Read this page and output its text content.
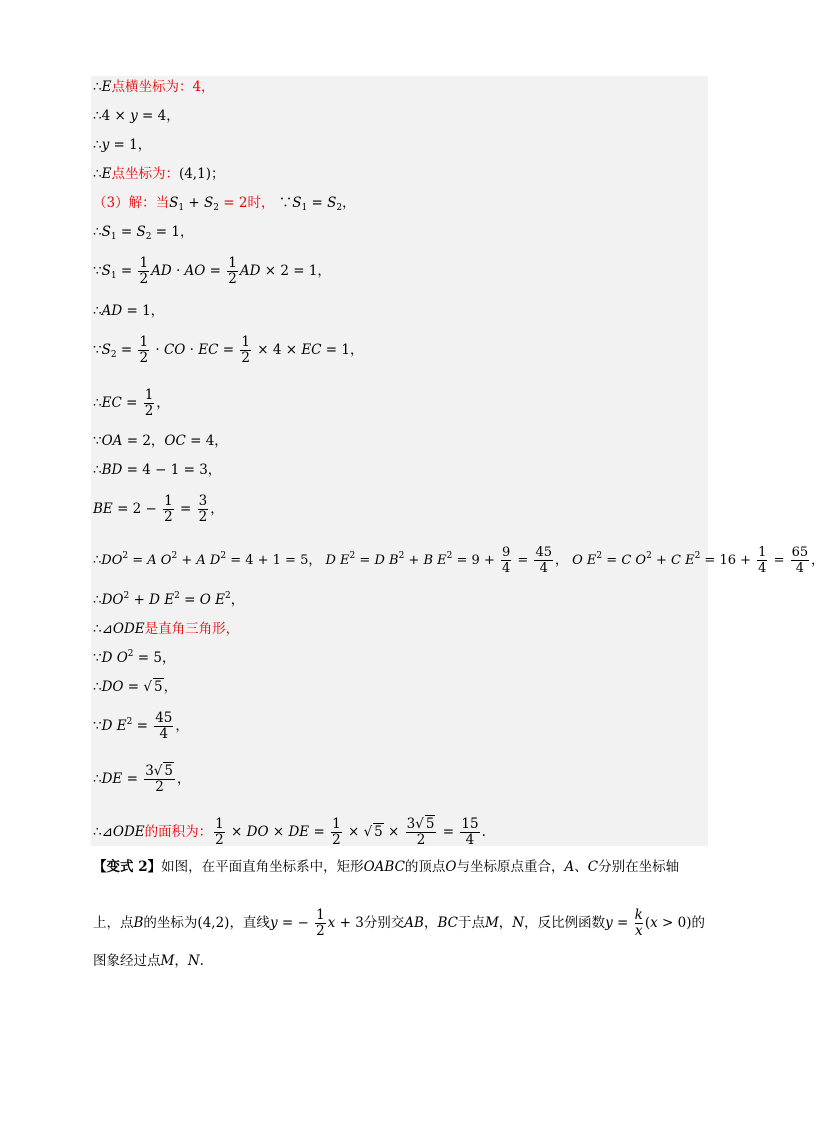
∴E点横坐标为：4，
∴4 × y = 4，
∴y = 1，
∴E点坐标为：(4,1)；
（3）解：当$S_1 + S_2 = 2$时， $\because S_1 = S_2$，
$\therefore S_1 = S_2 = 1$，
$\because S_1 = \frac{1}{2}$ AD · AO = $\frac{1}{2}$ AD × 2 = 1，
∴AD = 1，
$\because S_2 = \frac{1}{2}$ · CO · EC = $\frac{1}{2} \times 4$ × EC = 1，
∴EC = $\frac{1}{2}$ ，
∵OA = 2，OC = 4，
∴BD = 4 − 1 = 3，
BE = $2 - \frac{1}{2} = \frac{3}{2}$ ，
$\therefore DO^2 = A$ $O^2 + A$ $D^2 = 4 + 1 = 5$， D $E^2 = D$ $B^2 + B$ $E^2 = 9 + \frac{9}{4} = \frac{45}{4}$ ， O $E^2 = C$ $O^2 + C$ $E^2 = 16 + \frac{1}{4} = \frac{65}{4}$ ，
$\therefore DO^2 + D$ $E^2 = O$ $E^2$，
∴⊿ODE是直角三角形，
∵D $O^2 = 5$，
∴DO = √ 5，
∵D $E^2 = \frac{45}{4}$ ，
∴DE = $\frac{3√ 5}{2}$ ，
∴⊿ODE的面积为： $\frac{1}{2}$ × DO × DE = $\frac{1}{2}$ × √ $5 \times \frac{3√ 5}{2} = \frac{15}{4}$ .
【变式 2】如图，在平面直角坐标系中，矩形OABC的顶点O与坐标原点重合，A、C分别在坐标轴
上，点B的坐标为(4,2)，直线y = − $\frac{1}{2}$ x + 3分别交AB，BC于点M，N，反比例函数$y = \frac{k}{x} (x > 0)$的
图象经过点M，N.
